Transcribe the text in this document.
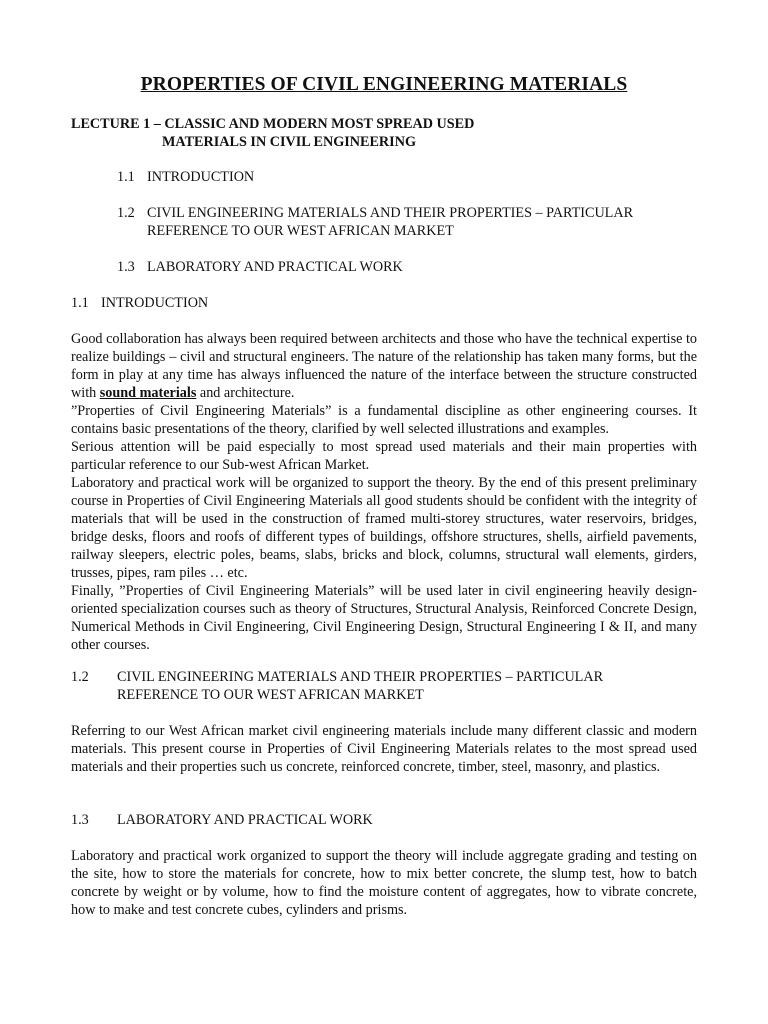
PROPERTIES OF CIVIL ENGINEERING MATERIALS
LECTURE 1 – CLASSIC AND MODERN MOST SPREAD USED
MATERIALS IN CIVIL ENGINEERING
1.1 INTRODUCTION
1.2 CIVIL ENGINEERING MATERIALS AND THEIR PROPERTIES – PARTICULAR
REFERENCE TO OUR WEST AFRICAN MARKET
1.3 LABORATORY AND PRACTICAL WORK
1.1 INTRODUCTION
Good collaboration has always been required between architects and those who have the technical expertise to realize buildings – civil and structural engineers. The nature of the relationship has taken many forms, but the form in play at any time has always influenced the nature of the interface between the structure constructed with sound materials and architecture.
”Properties of Civil Engineering Materials” is a fundamental discipline as other engineering courses. It contains basic presentations of the theory, clarified by well selected illustrations and examples.
Serious attention will be paid especially to most spread used materials and their main properties with particular reference to our Sub-west African Market.
Laboratory and practical work will be organized to support the theory. By the end of this present preliminary course in Properties of Civil Engineering Materials all good students should be confident with the integrity of materials that will be used in the construction of framed multi-storey structures, water reservoirs, bridges, bridge desks, floors and roofs of different types of buildings, offshore structures, shells, airfield pavements, railway sleepers, electric poles, beams, slabs, bricks and block, columns, structural wall elements, girders, trusses, pipes, ram piles … etc.
Finally, ”Properties of Civil Engineering Materials” will be used later in civil engineering heavily design-oriented specialization courses such as theory of Structures, Structural Analysis, Reinforced Concrete Design, Numerical Methods in Civil Engineering, Civil Engineering Design, Structural Engineering I & II, and many other courses.
1.2 CIVIL ENGINEERING MATERIALS AND THEIR PROPERTIES – PARTICULAR
REFERENCE TO OUR WEST AFRICAN MARKET
Referring to our West African market civil engineering materials include many different classic and modern materials. This present course in Properties of Civil Engineering Materials relates to the most spread used materials and their properties such us concrete, reinforced concrete, timber, steel, masonry, and plastics.
1.3 LABORATORY AND PRACTICAL WORK
Laboratory and practical work organized to support the theory will include aggregate grading and testing on the site, how to store the materials for concrete, how to mix better concrete, the slump test, how to batch concrete by weight or by volume, how to find the moisture content of aggregates, how to vibrate concrete, how to make and test concrete cubes, cylinders and prisms.
